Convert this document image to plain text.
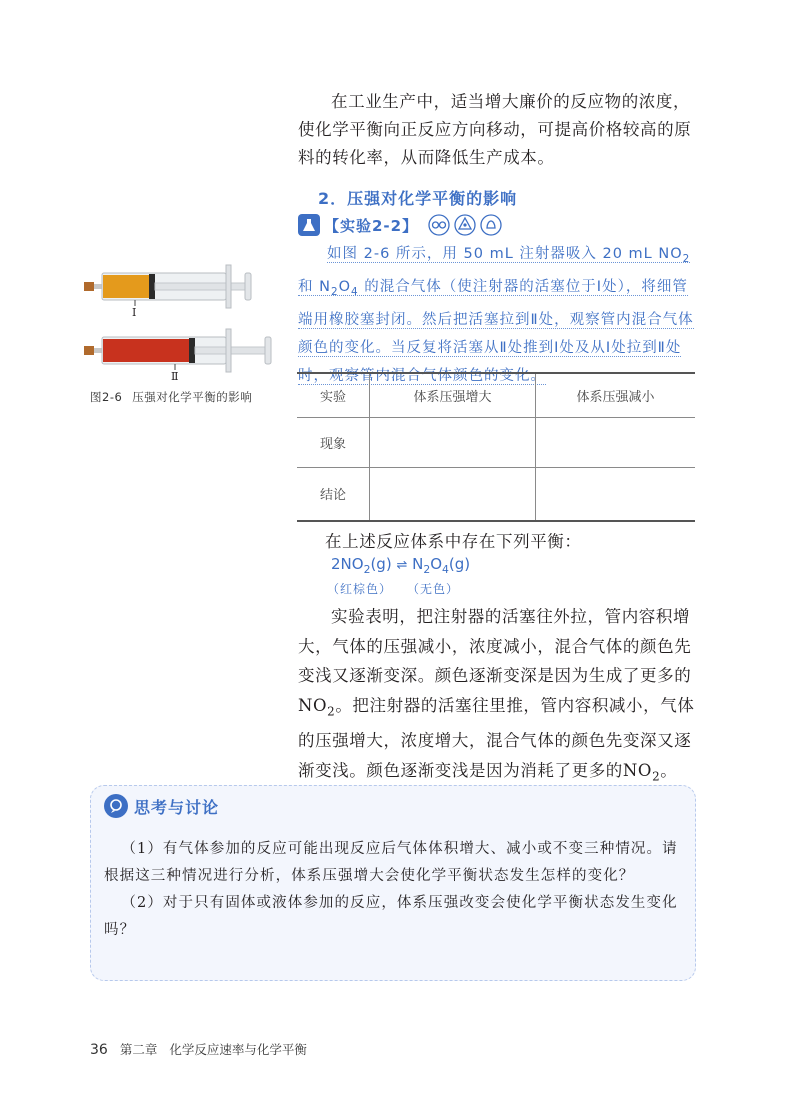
在工业生产中，适当增大廉价的反应物的浓度，使化学平衡向正反应方向移动，可提高价格较高的原料的转化率，从而降低生产成本。

2．压强对化学平衡的影响
【实验2-2】

如图 2-6 所示，用 50 mL 注射器吸入 20 mL $NO_2$ 和 $N_2O_4$ 的混合气体（使注射器的活塞位于Ⅰ处），将细管端用橡胶塞封闭。然后把活塞拉到Ⅱ处，观察管内混合气体颜色的变化。当反复将活塞从Ⅱ处推到Ⅰ处及从Ⅰ处拉到Ⅱ处时，观察管内混合气体颜色的变化。

Ⅰ
Ⅱ
图2-6 压强对化学平衡的影响	实验	体系压强增大	体系压强减小
现象		
结论		

在上述反应体系中存在下列平衡：

$2NO_2(g)$ ⇌ $N_2O_4(g)$
（红棕色） （无色）

实验表明，把注射器的活塞往外拉，管内容积增大，气体的压强减小，浓度减小，混合气体的颜色先变浅又逐渐变深。颜色逐渐变深是因为生成了更多的$NO_2$。把注射器的活塞往里推，管内容积减小，气体的压强增大，浓度增大，混合气体的颜色先变深又逐渐变浅。颜色逐渐变浅是因为消耗了更多的$NO_2$。

思考与讨论

（1）有气体参加的反应可能出现反应后气体体积增大、减小或不变三种情况。请根据这三种情况进行分析，体系压强增大会使化学平衡状态发生怎样的变化？

（2）对于只有固体或液体参加的反应，体系压强改变会使化学平衡状态发生变化吗？

36 第二章 化学反应速率与化学平衡
